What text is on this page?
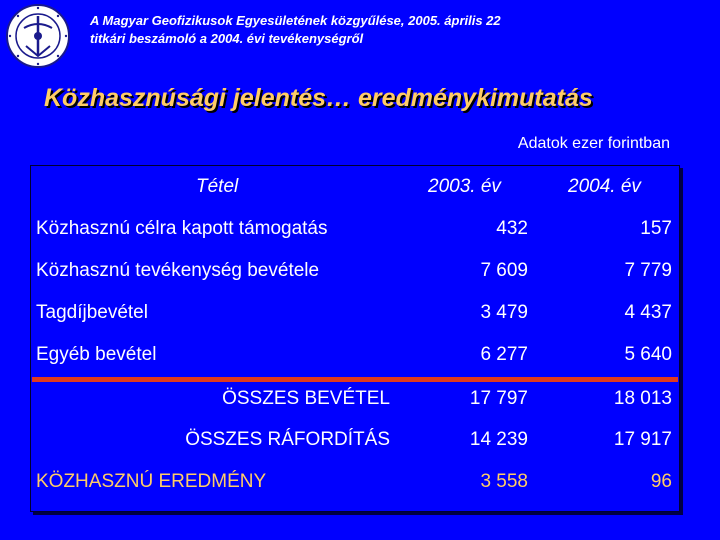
A Magyar Geofizikusok Egyesületének közgyűlése, 2005. április 22
titkári beszámoló a 2004. évi tevékenységről
Közhasznúsági jelentés… eredménykimutatás
Adatok ezer forintban
Tétel	2003. év	2004. év
Közhasznú célra kapott támogatás	432	157
Közhasznú tevékenység bevétele	7 609	7 779
Tagdíjbevétel	3 479	4 437
Egyéb bevétel	6 277	5 640
ÖSSZES BEVÉTEL	17 797	18 013
ÖSSZES RÁFORDÍTÁS	14 239	17 917
KÖZHASZNÚ EREDMÉNY	3 558	96
